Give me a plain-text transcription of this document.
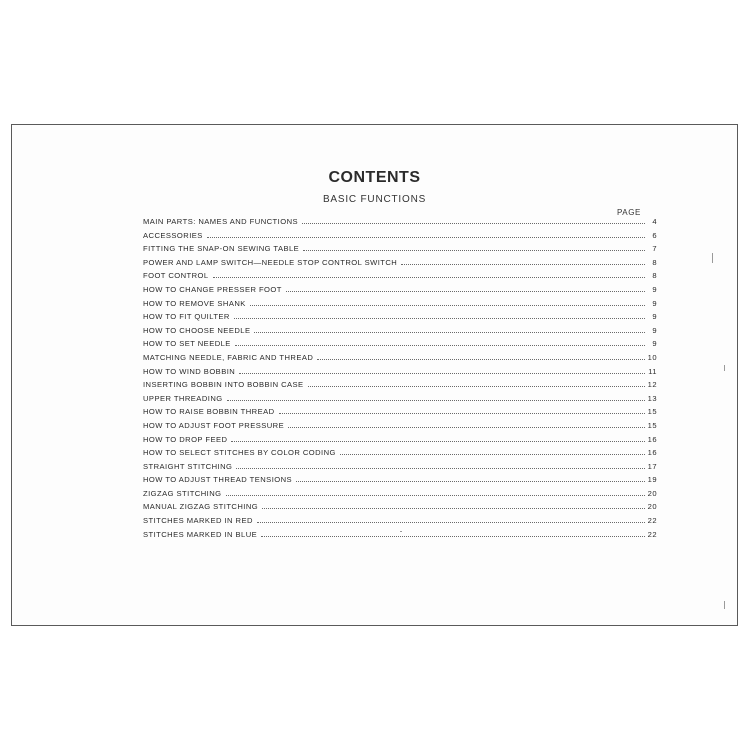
CONTENTS
BASIC FUNCTIONS
PAGE
MAIN PARTS: NAMES AND FUNCTIONS	4
ACCESSORIES	6
FITTING THE SNAP-ON SEWING TABLE	7
POWER AND LAMP SWITCH—NEEDLE STOP CONTROL SWITCH	8
FOOT CONTROL	8
HOW TO CHANGE PRESSER FOOT	9
HOW TO REMOVE SHANK	9
HOW TO FIT QUILTER	9
HOW TO CHOOSE NEEDLE	9
HOW TO SET NEEDLE	9
MATCHING NEEDLE, FABRIC AND THREAD	10
HOW TO WIND BOBBIN	11
INSERTING BOBBIN INTO BOBBIN CASE	12
UPPER THREADING	13
HOW TO RAISE BOBBIN THREAD	15
HOW TO ADJUST FOOT PRESSURE	15
HOW TO DROP FEED	16
HOW TO SELECT STITCHES BY COLOR CODING	16
STRAIGHT STITCHING	17
HOW TO ADJUST THREAD TENSIONS	19
ZIGZAG STITCHING	20
MANUAL ZIGZAG STITCHING	20
STITCHES MARKED IN RED	22
STITCHES MARKED IN BLUE	22
